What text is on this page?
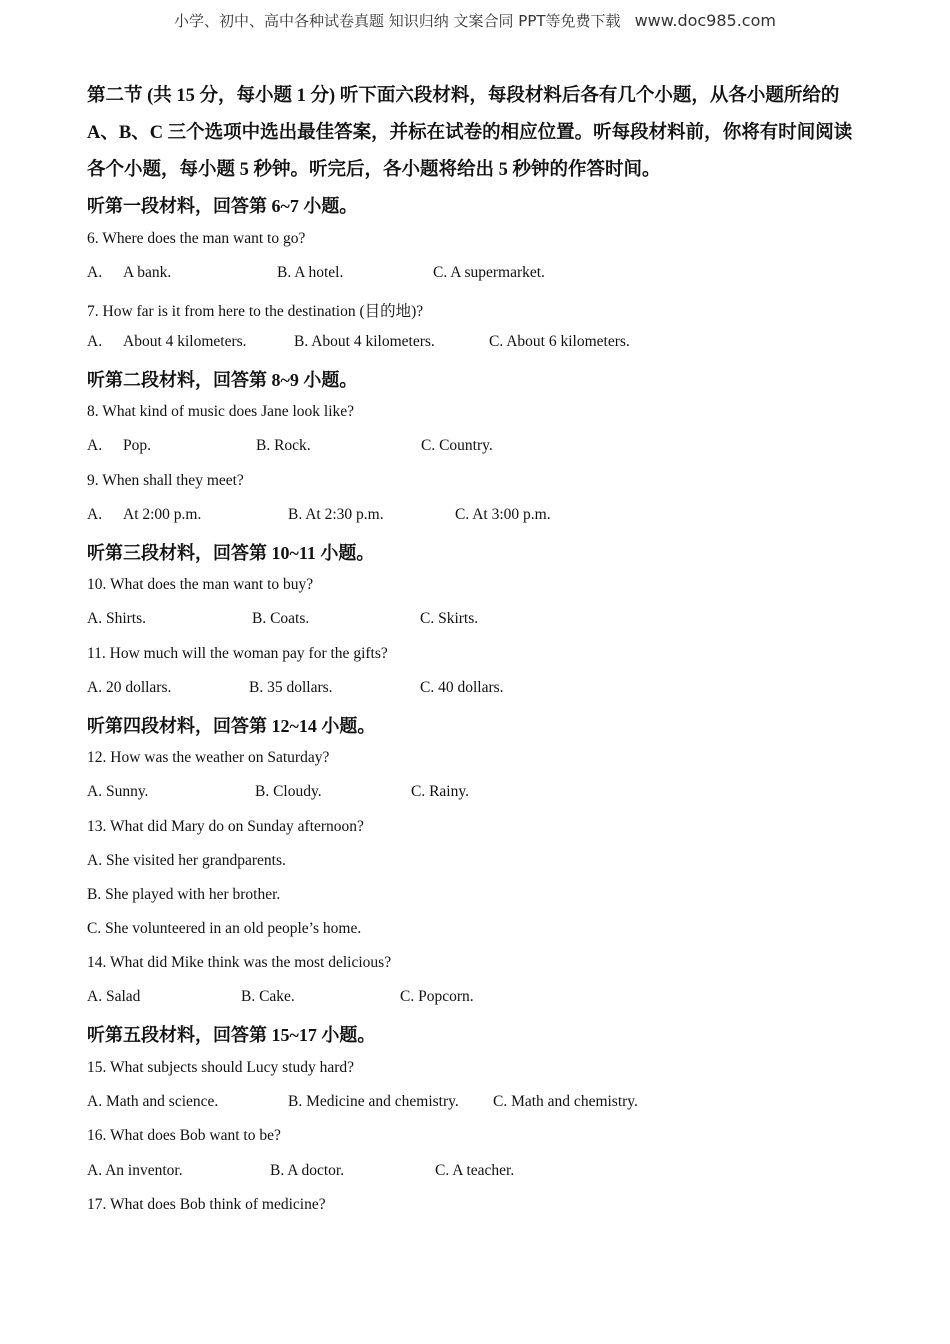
小学、初中、高中各种试卷真题 知识归纳 文案合同 PPT等免费下载 www.doc985.com
第二节 (共 15 分，每小题 1 分) 听下面六段材料，每段材料后各有几个小题，从各小题所给的A、B、C 三个选项中选出最佳答案，并标在试卷的相应位置。听每段材料前，你将有时间阅读各个小题，每小题 5 秒钟。听完后，各小题将给出 5 秒钟的作答时间。
听第一段材料，回答第 6~7 小题。
6. Where does the man want to go?
A. A bank.	B. A hotel.	C. A supermarket.
7. How far is it from here to the destination (目的地)?
A. About 4 kilometers.	B. About 4 kilometers.	C. About 6 kilometers.
听第二段材料，回答第 8~9 小题。
8. What kind of music does Jane look like?
A. Pop.	B. Rock.	C. Country.
9. When shall they meet?
A. At 2:00 p.m.	B. At 2:30 p.m.	C. At 3:00 p.m.
听第三段材料，回答第 10~11 小题。
10. What does the man want to buy?
A. Shirts.	B. Coats.	C. Skirts.
11. How much will the woman pay for the gifts?
A. 20 dollars.	B. 35 dollars.	C. 40 dollars.
听第四段材料，回答第 12~14 小题。
12. How was the weather on Saturday?
A. Sunny.	B. Cloudy.	C. Rainy.
13. What did Mary do on Sunday afternoon?
A. She visited her grandparents.
B. She played with her brother.
C. She volunteered in an old people’s home.
14. What did Mike think was the most delicious?
A. Salad	B. Cake.	C. Popcorn.
听第五段材料，回答第 15~17 小题。
15. What subjects should Lucy study hard?
A. Math and science.	B. Medicine and chemistry. C. Math and chemistry.
16. What does Bob want to be?
A. An inventor.	B. A doctor.	C. A teacher.
17. What does Bob think of medicine?
